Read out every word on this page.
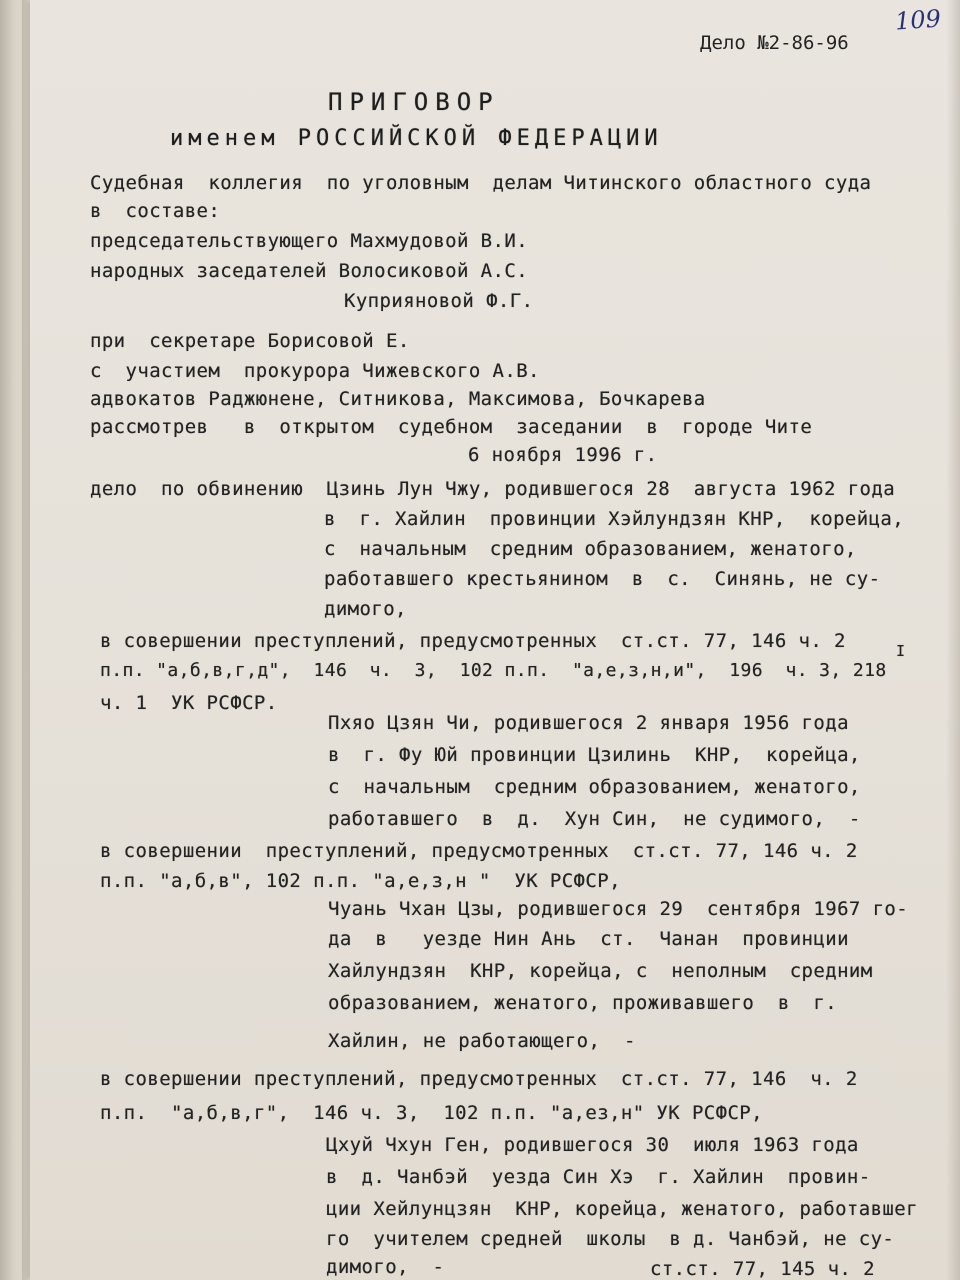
109
Дело №2-86-96
ПРИГОВОР
именем РОССИЙСКОЙ ФЕДЕРАЦИИ
Судебная  коллегия  по уголовным  делам Читинского областного суда
в  составе:
председательствующего Махмудовой В.И.
народных заседателей Волосиковой А.С.
Куприяновой Ф.Г.
при  секретаре Борисовой Е.
с  участием  прокурора Чижевского А.В.
адвокатов Раджюнене, Ситникова, Максимова, Бочкарева
рассмотрев   в  открытом  судебном  заседании  в  городе Чите
6 ноября 1996 г.
дело  по обвинению  Цзинь Лун Чжу, родившегося 28  августа 1962 года
в  г. Хайлин  провинции Хэйлундзян КНР,  корейца,
с  начальным  средним образованием, женатого,
работавшего крестьянином  в  с.  Синянь, не су-
димого,
в совершении преступлений, предусмотренных  ст.ст. 77, 146 ч. 2
п.п. "а,б,в,г,д",  146  ч.  3,  102 п.п.  "а,е,з,н,и",  196  ч. 3, 218
I
ч. 1  УК РСФСР.
Пхяо Цзян Чи, родившегося 2 января 1956 года
в  г. Фу Юй провинции Цзилинь  КНР,  корейца,
с  начальным  средним образованием, женатого,
работавшего  в  д.  Хун Син,  не судимого,  -
в совершении  преступлений, предусмотренных  ст.ст. 77, 146 ч. 2
п.п. "а,б,в", 102 п.п. "а,е,з,н "  УК РСФСР,
Чуань Чхан Цзы, родившегося 29  сентября 1967 го-
да  в   уезде Нин Ань  ст.  Чанан  провинции
Хайлундзян  КНР, корейца, с  неполным  средним
образованием, женатого, проживавшего  в  г.
Хайлин, не работающего,  -
в совершении преступлений, предусмотренных  ст.ст. 77, 146  ч. 2
п.п.  "а,б,в,г",  146 ч. 3,  102 п.п. "а,ез,н" УК РСФСР,
Цхуй Чхун Ген, родившегося 30  июля 1963 года
в  д. Чанбэй  уезда Син Хэ  г. Хайлин  провин-
ции Хейлунцзян  КНР, корейца, женатого, работавшег
го  учителем средней  школы  в д. Чанбэй, не су-
димого,  -	ст.ст. 77, 145 ч. 2
